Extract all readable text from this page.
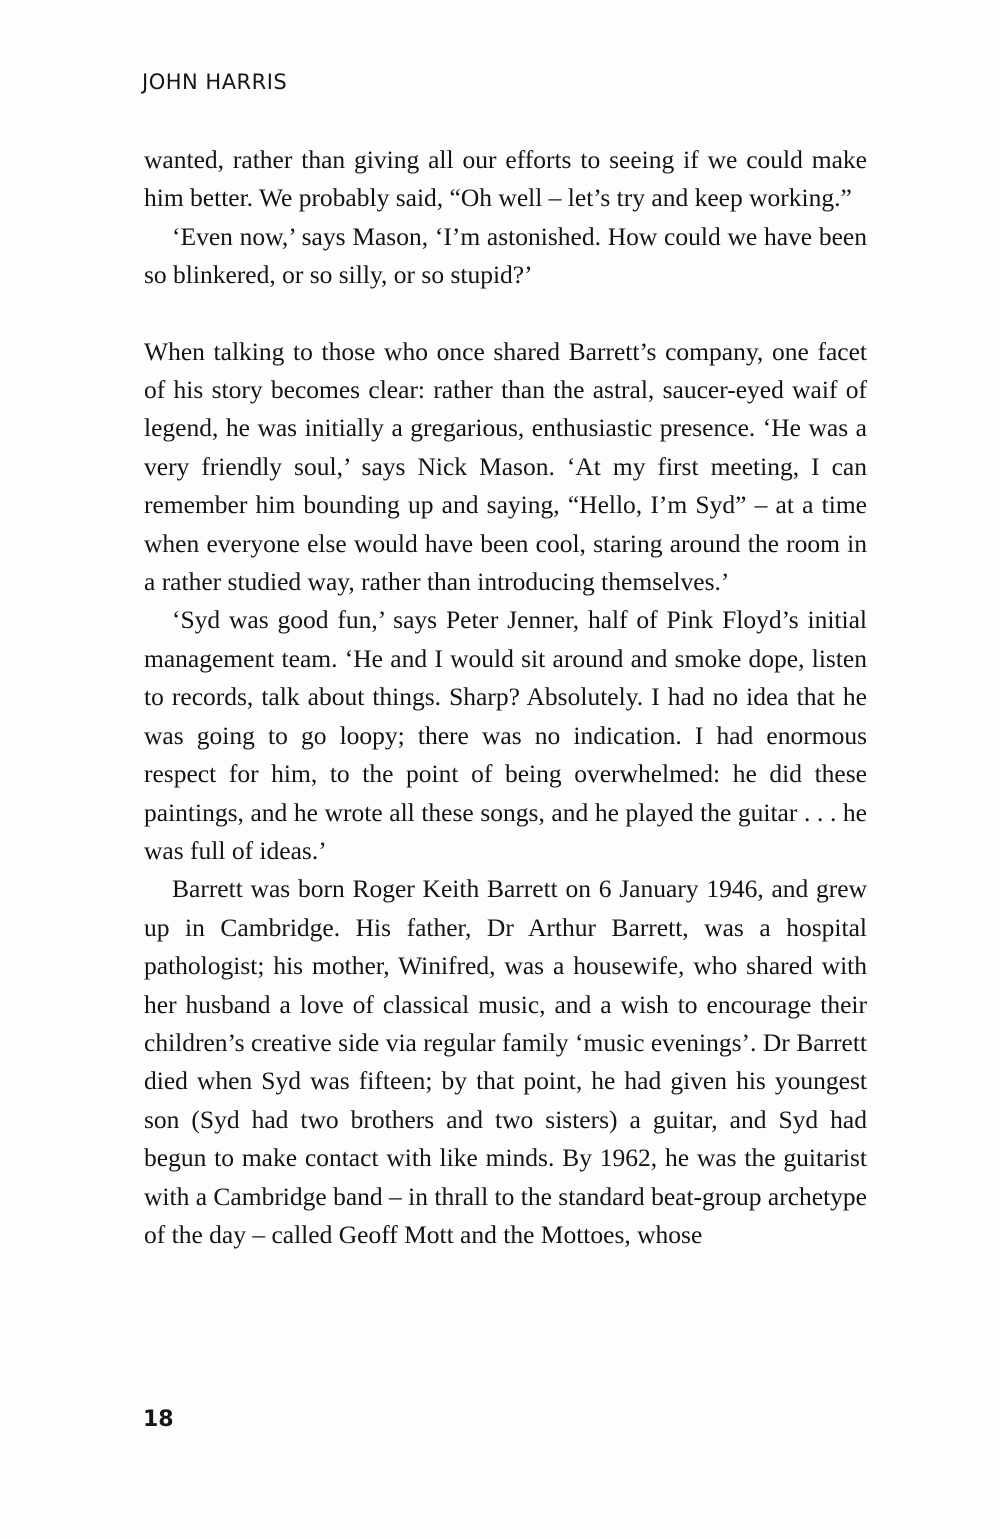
JOHN HARRIS

wanted, rather than giving all our efforts to seeing if we could make him better. We probably said, “Oh well – let’s try and keep working.”

‘Even now,’ says Mason, ‘I’m astonished. How could we have been so blinkered, or so silly, or so stupid?’

When talking to those who once shared Barrett’s company, one facet of his story becomes clear: rather than the astral, saucer-eyed waif of legend, he was initially a gregarious, enthusiastic presence. ‘He was a very friendly soul,’ says Nick Mason. ‘At my first meeting, I can remember him bounding up and saying, “Hello, I’m Syd” – at a time when everyone else would have been cool, staring around the room in a rather studied way, rather than introducing themselves.’

‘Syd was good fun,’ says Peter Jenner, half of Pink Floyd’s initial management team. ‘He and I would sit around and smoke dope, listen to records, talk about things. Sharp? Absolutely. I had no idea that he was going to go loopy; there was no indication. I had enormous respect for him, to the point of being overwhelmed: he did these paintings, and he wrote all these songs, and he played the guitar . . . he was full of ideas.’

Barrett was born Roger Keith Barrett on 6 January 1946, and grew up in Cambridge. His father, Dr Arthur Barrett, was a hospital pathologist; his mother, Winifred, was a housewife, who shared with her husband a love of classical music, and a wish to encourage their children’s creative side via regular family ‘music evenings’. Dr Barrett died when Syd was fifteen; by that point, he had given his youngest son (Syd had two brothers and two sisters) a guitar, and Syd had begun to make contact with like minds. By 1962, he was the guitarist with a Cambridge band – in thrall to the standard beat-group archetype of the day – called Geoff Mott and the Mottoes, whose

18
